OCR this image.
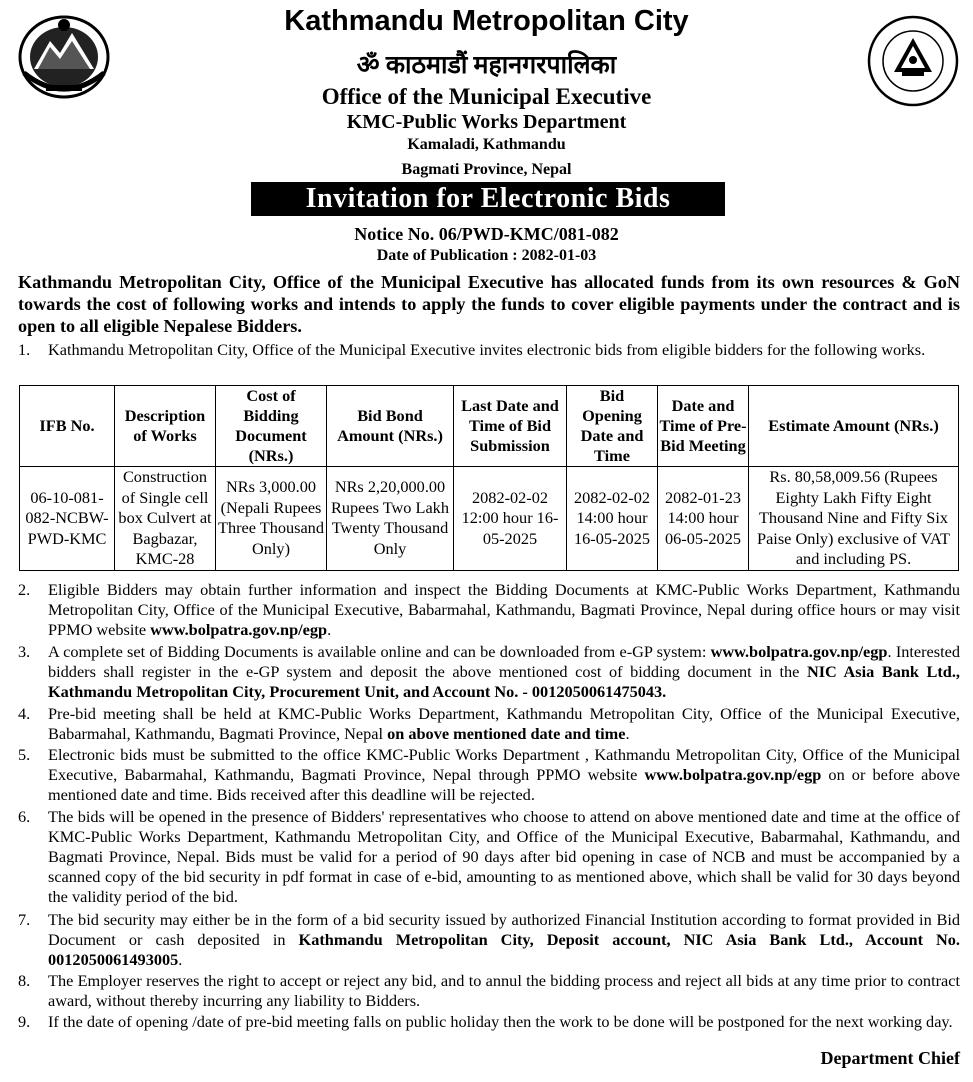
Kathmandu Metropolitan City
ॐ काठमाडौं महानगरपालिका
Office of the Municipal Executive
KMC-Public Works Department
Kamaladi, Kathmandu
Bagmati Province, Nepal
Invitation for Electronic Bids
Notice No. 06/PWD-KMC/081-082
Date of Publication : 2082-01-03
Kathmandu Metropolitan City, Office of the Municipal Executive has allocated funds from its own resources & GoN towards the cost of following works and intends to apply the funds to cover eligible payments under the contract and is open to all eligible Nepalese Bidders.
1.	Kathmandu Metropolitan City, Office of the Municipal Executive invites electronic bids from eligible bidders for the following works.
IFB No.	Description of Works	Cost of Bidding Document (NRs.)	Bid Bond Amount (NRs.)	Last Date and Time of Bid Submission	Bid Opening Date and Time	Date and Time of Pre-Bid Meeting	Estimate Amount (NRs.)
06-10-081-082-NCBW-PWD-KMC	Construction of Single cell box Culvert at Bagbazar, KMC-28	NRs 3,000.00 (Nepali Rupees Three Thousand Only)	NRs 2,20,000.00 Rupees Two Lakh Twenty Thousand Only	2082-02-02 12:00 hour 16-05-2025	2082-02-02 14:00 hour 16-05-2025	2082-01-23 14:00 hour 06-05-2025	Rs. 80,58,009.56 (Rupees Eighty Lakh Fifty Eight Thousand Nine and Fifty Six Paise Only) exclusive of VAT and including PS.
2.	Eligible Bidders may obtain further information and inspect the Bidding Documents at KMC-Public Works Department, Kathmandu Metropolitan City, Office of the Municipal Executive, Babarmahal, Kathmandu, Bagmati Province, Nepal during office hours or may visit PPMO website www.bolpatra.gov.np/egp.
3.	A complete set of Bidding Documents is available online and can be downloaded from e-GP system: www.bolpatra.gov.np/egp. Interested bidders shall register in the e-GP system and deposit the above mentioned cost of bidding document in the NIC Asia Bank Ltd., Kathmandu Metropolitan City, Procurement Unit, and Account No. - 0012050061475043.
4.	Pre-bid meeting shall be held at KMC-Public Works Department, Kathmandu Metropolitan City, Office of the Municipal Executive, Babarmahal, Kathmandu, Bagmati Province, Nepal on above mentioned date and time.
5.	Electronic bids must be submitted to the office KMC-Public Works Department , Kathmandu Metropolitan City, Office of the Municipal Executive, Babarmahal, Kathmandu, Bagmati Province, Nepal through PPMO website www.bolpatra.gov.np/egp on or before above mentioned date and time. Bids received after this deadline will be rejected.
6.	The bids will be opened in the presence of Bidders' representatives who choose to attend on above mentioned date and time at the office of KMC-Public Works Department, Kathmandu Metropolitan City, and Office of the Municipal Executive, Babarmahal, Kathmandu, and Bagmati Province, Nepal. Bids must be valid for a period of 90 days after bid opening in case of NCB and must be accompanied by a scanned copy of the bid security in pdf format in case of e-bid, amounting to as mentioned above, which shall be valid for 30 days beyond the validity period of the bid.
7.	The bid security may either be in the form of a bid security issued by authorized Financial Institution according to format provided in Bid Document or cash deposited in Kathmandu Metropolitan City, Deposit account, NIC Asia Bank Ltd., Account No. 0012050061493005.
8.	The Employer reserves the right to accept or reject any bid, and to annul the bidding process and reject all bids at any time prior to contract award, without thereby incurring any liability to Bidders.
9.	If the date of opening /date of pre-bid meeting falls on public holiday then the work to be done will be postponed for the next working day.
Department Chief
